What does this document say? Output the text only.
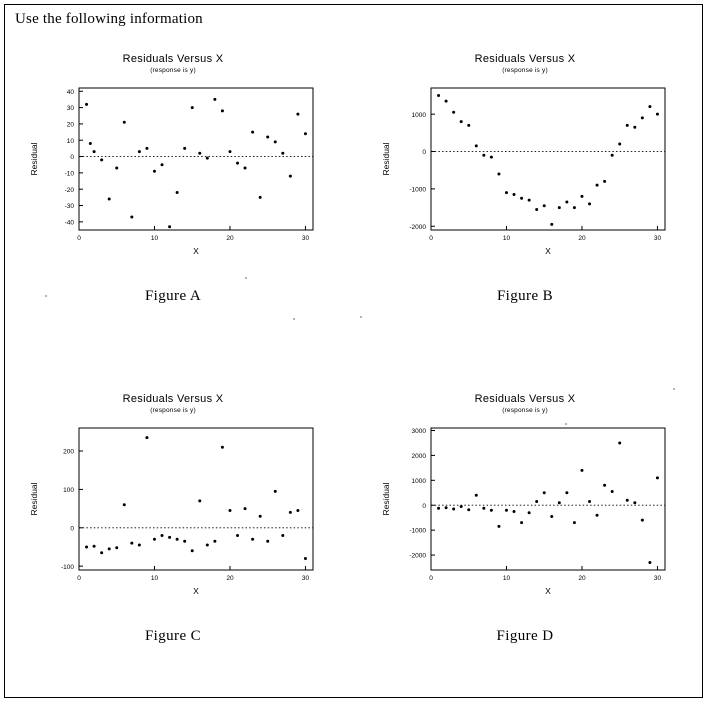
Use the following information
Residuals Versus X
(response is y)
-40
-30
-20
-10
0
10
20
30
40
0	10	20	30
X
Residual
Figure A
Residuals Versus X
(response is y)
-2000
-1000
0
1000
0	10	20	30
X
Residual
Figure B
Residuals Versus X
(response is y)
-100
0
100
200
0	10	20	30
X
Residual
Figure C
Residuals Versus X
(response is y)
-2000
-1000
0
1000
2000
3000
0	10	20	30
X
Residual
Figure D
